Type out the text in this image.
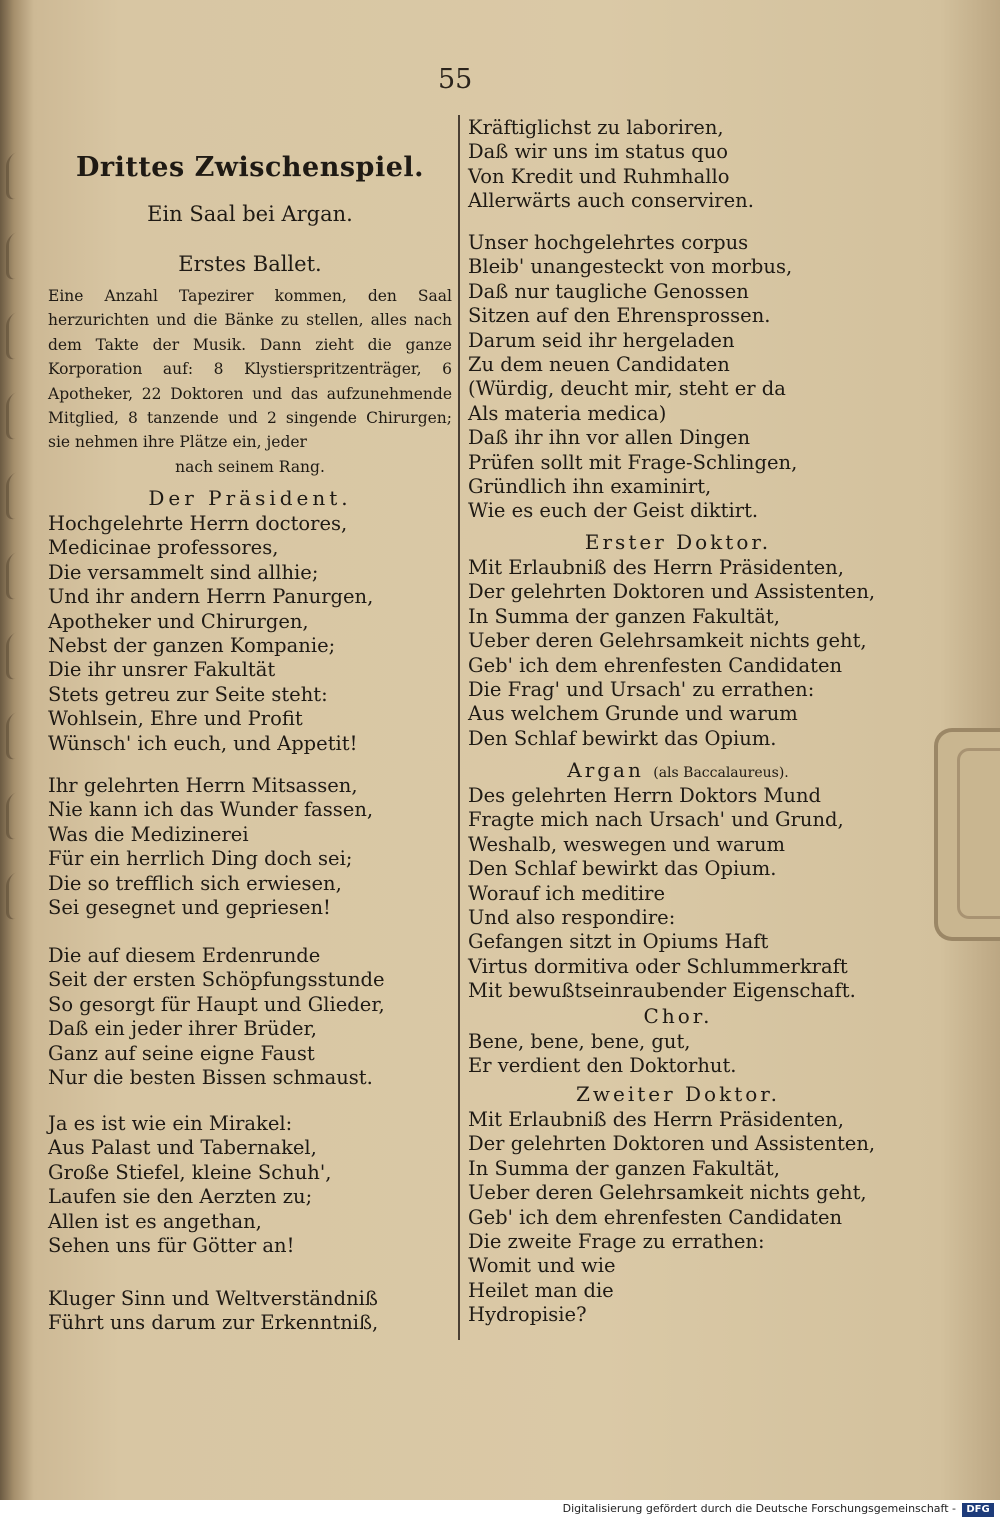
55
Drittes Zwischenspiel.
Ein Saal bei Argan.
Erstes Ballet.
Eine Anzahl Tapezirer kommen, den Saal herzurichten und die Bänke zu stellen, alles nach dem Takte der Musik. Dann zieht die ganze Korporation auf: 8 Klystierspritzenträger, 6 Apotheker, 22 Doktoren und das aufzunehmende Mitglied, 8 tanzende und 2 singende Chirurgen; sie nehmen ihre Plätze ein, jeder
nach seinem Rang.
Der Präsident.
Hochgelehrte Herrn doctores,
Medicinae professores,
Die versammelt sind allhie;
Und ihr andern Herrn Panurgen,
Apotheker und Chirurgen,
Nebst der ganzen Kompanie;
Die ihr unsrer Fakultät
Stets getreu zur Seite steht:
Wohlsein, Ehre und Profit
Wünsch' ich euch, und Appetit!
Ihr gelehrten Herrn Mitsassen,
Nie kann ich das Wunder fassen,
Was die Medizinerei
Für ein herrlich Ding doch sei;
Die so trefflich sich erwiesen,
Sei gesegnet und gepriesen!
Die auf diesem Erdenrunde
Seit der ersten Schöpfungsstunde
So gesorgt für Haupt und Glieder,
Daß ein jeder ihrer Brüder,
Ganz auf seine eigne Faust
Nur die besten Bissen schmaust.
Ja es ist wie ein Mirakel:
Aus Palast und Tabernakel,
Große Stiefel, kleine Schuh',
Laufen sie den Aerzten zu;
Allen ist es angethan,
Sehen uns für Götter an!
Kluger Sinn und Weltverständniß
Führt uns darum zur Erkenntniß,
Kräftiglichst zu laboriren,
Daß wir uns im status quo
Von Kredit und Ruhmhallo
Allerwärts auch conserviren.
Unser hochgelehrtes corpus
Bleib' unangesteckt von morbus,
Daß nur taugliche Genossen
Sitzen auf den Ehrensprossen.
Darum seid ihr hergeladen
Zu dem neuen Candidaten
(Würdig, deucht mir, steht er da
Als materia medica)
Daß ihr ihn vor allen Dingen
Prüfen sollt mit Frage-Schlingen,
Gründlich ihn examinirt,
Wie es euch der Geist diktirt.
Erster Doktor.
Mit Erlaubniß des Herrn Präsidenten,
Der gelehrten Doktoren und Assistenten,
In Summa der ganzen Fakultät,
Ueber deren Gelehrsamkeit nichts geht,
Geb' ich dem ehrenfesten Candidaten
Die Frag' und Ursach' zu errathen:
Aus welchem Grunde und warum
Den Schlaf bewirkt das Opium.
Argan (als Baccalaureus).
Des gelehrten Herrn Doktors Mund
Fragte mich nach Ursach' und Grund,
Weshalb, weswegen und warum
Den Schlaf bewirkt das Opium.
Worauf ich meditire
Und also respondire:
Gefangen sitzt in Opiums Haft
Virtus dormitiva oder Schlummerkraft
Mit bewußtseinraubender Eigenschaft.
Chor.
Bene, bene, bene, gut,
Er verdient den Doktorhut.
Zweiter Doktor.
Mit Erlaubniß des Herrn Präsidenten,
Der gelehrten Doktoren und Assistenten,
In Summa der ganzen Fakultät,
Ueber deren Gelehrsamkeit nichts geht,
Geb' ich dem ehrenfesten Candidaten
Die zweite Frage zu errathen:
Womit und wie
Heilet man die
Hydropisie?
Digitalisierung gefördert durch die Deutsche Forschungsgemeinschaft -	DFG
